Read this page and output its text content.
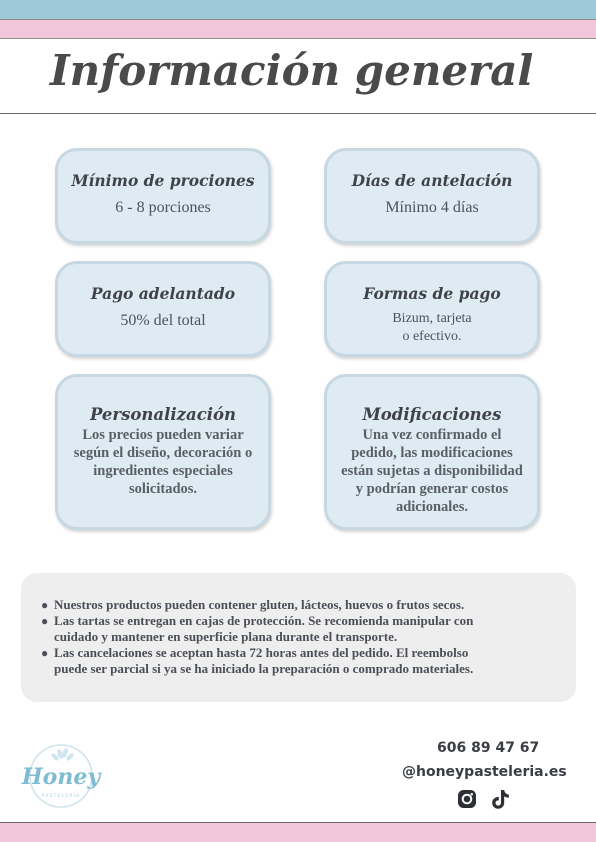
Información general
Mínimo de prociones

6 - 8 porciones

Días de antelación

Mínimo 4 días

Pago adelantado

50% del total

Formas de pago

Bizum, tarjeta
o efectivo.

Personalización

Los precios pueden variar
según el diseño, decoración o
ingredientes especiales
solicitados.

Modificaciones

Una vez confirmado el
pedido, las modificaciones
están sujetas a disponibilidad
y podrían generar costos
adicionales.

● Nuestros productos pueden contener gluten, lácteos, huevos o frutos secos.
● Las tartas se entregan en cajas de protección. Se recomienda manipular con
cuidado y mantener en superficie plana durante el transporte.
● Las cancelaciones se aceptan hasta 72 horas antes del pedido. El reembolso
puede ser parcial si ya se ha iniciado la preparación o comprado materiales.
Honey
PASTELERÍA
606 89 47 67
@honeypasteleria.es
